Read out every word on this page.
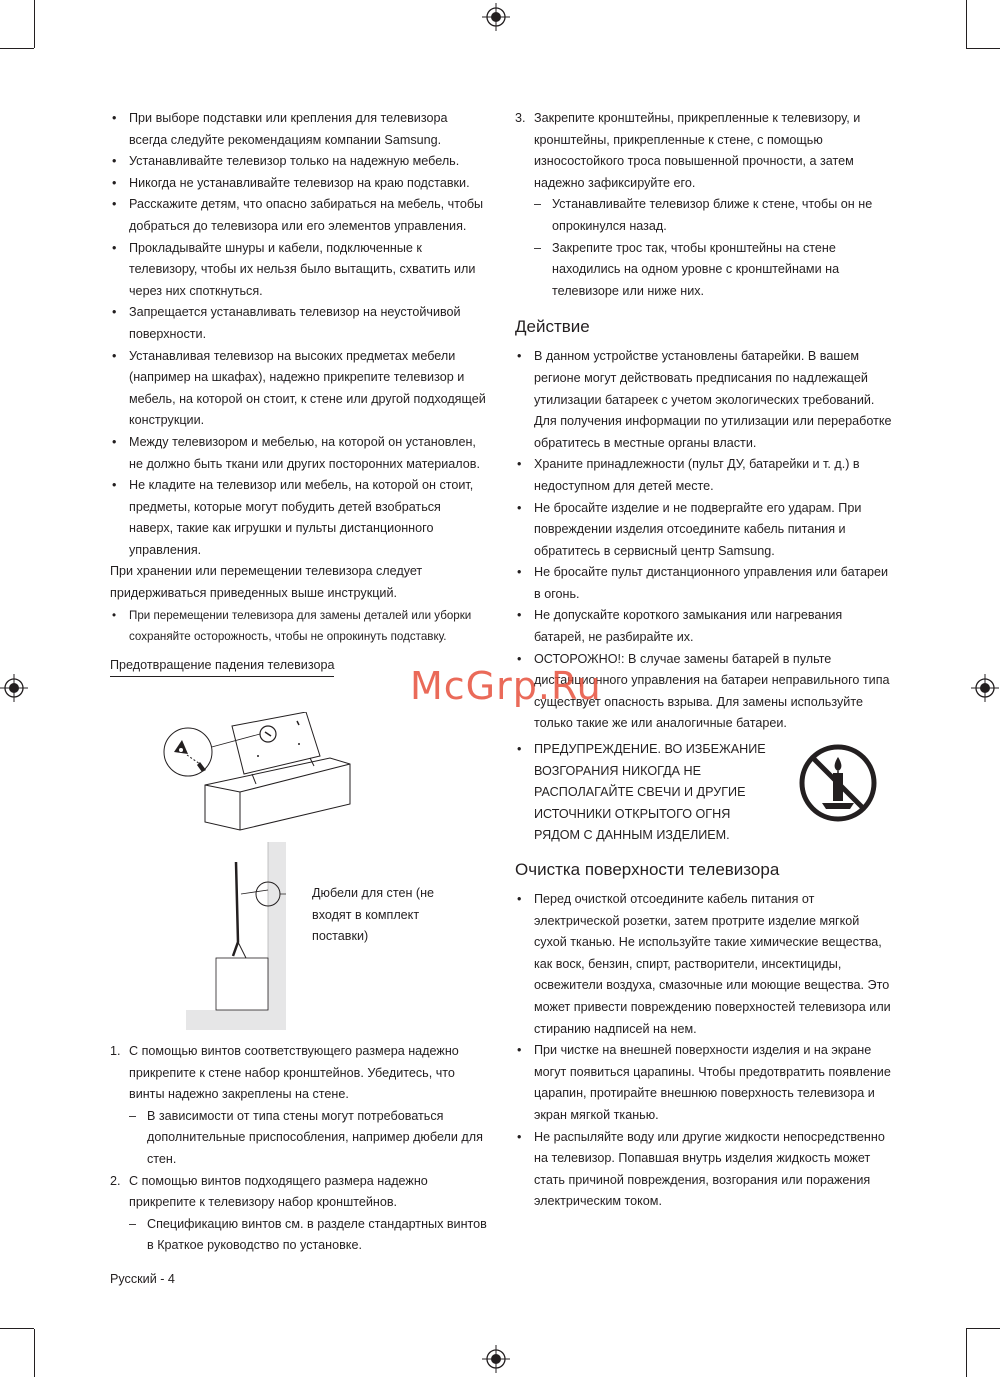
• При выборе подставки или крепления для телевизора всегда следуйте рекомендациям компании Samsung.
• Устанавливайте телевизор только на надежную мебель.
• Никогда не устанавливайте телевизор на краю подставки.
• Расскажите детям, что опасно забираться на мебель, чтобы добраться до телевизора или его элементов управления.
• Прокладывайте шнуры и кабели, подключенные к телевизору, чтобы их нельзя было вытащить, схватить или через них споткнуться.
• Запрещается устанавливать телевизор на неустойчивой поверхности.
• Устанавливая телевизор на высоких предметах мебели (например на шкафах), надежно прикрепите телевизор и мебель, на которой он стоит, к стене или другой подходящей конструкции.
• Между телевизором и мебелью, на которой он установлен, не должно быть ткани или других посторонних материалов.
• Не кладите на телевизор или мебель, на которой он стоит, предметы, которые могут побудить детей взобраться наверх, такие как игрушки и пульты дистанционного управления.

При хранении или перемещении телевизора следует придерживаться приведенных выше инструкций.

• При перемещении телевизора для замены деталей или уборки сохраняйте осторожность, чтобы не опрокинуть подставку.
Предотвращение падения телевизора
Дюбели для стен (не входят в комплект поставки)
1. С помощью винтов соответствующего размера надежно прикрепите к стене набор кронштейнов. Убедитесь, что винты надежно закреплены на стене.
– В зависимости от типа стены могут потребоваться дополнительные приспособления, например дюбели для стен.
2. С помощью винтов подходящего размера надежно прикрепите к телевизору набор кронштейнов.
– Спецификацию винтов см. в разделе стандартных винтов в Краткое руководство по установке.
Русский - 4
3. Закрепите кронштейны, прикрепленные к телевизору, и кронштейны, прикрепленные к стене, с помощью износостойкого троса повышенной прочности, а затем надежно зафиксируйте его.
– Устанавливайте телевизор ближе к стене, чтобы он не опрокинулся назад.
– Закрепите трос так, чтобы кронштейны на стене находились на одном уровне с кронштейнами на телевизоре или ниже них.
Действие
• В данном устройстве установлены батарейки. В вашем регионе могут действовать предписания по надлежащей утилизации батареек с учетом экологических требований. Для получения информации по утилизации или переработке обратитесь в местные органы власти.
• Храните принадлежности (пульт ДУ, батарейки и т. д.) в недоступном для детей месте.
• Не бросайте изделие и не подвергайте его ударам. При повреждении изделия отсоедините кабель питания и обратитесь в сервисный центр Samsung.
• Не бросайте пульт дистанционного управления или батареи в огонь.
• Не допускайте короткого замыкания или нагревания батарей, не разбирайте их.
• ОСТОРОЖНО!: В случае замены батарей в пульте дистанционного управления на батареи неправильного типа существует опасность взрыва. Для замены используйте только такие же или аналогичные батареи.
• ПРЕДУПРЕЖДЕНИЕ. ВО ИЗБЕЖАНИЕ ВОЗГОРАНИЯ НИКОГДА НЕ РАСПОЛАГАЙТЕ СВЕЧИ И ДРУГИЕ ИСТОЧНИКИ ОТКРЫТОГО ОГНЯ РЯДОМ С ДАННЫМ ИЗДЕЛИЕМ.
Очистка поверхности телевизора
• Перед очисткой отсоедините кабель питания от электрической розетки, затем протрите изделие мягкой сухой тканью. Не используйте такие химические вещества, как воск, бензин, спирт, растворители, инсектициды, освежители воздуха, смазочные или моющие вещества. Это может привести повреждению поверхностей телевизора или стиранию надписей на нем.
• При чистке на внешней поверхности изделия и на экране могут появиться царапины. Чтобы предотвратить появление царапин, протирайте внешнюю поверхность телевизора и экран мягкой тканью.
• Не распыляйте воду или другие жидкости непосредственно на телевизор. Попавшая внутрь изделия жидкость может стать причиной повреждения, возгорания или поражения электрическим током.
McGrp.Ru
